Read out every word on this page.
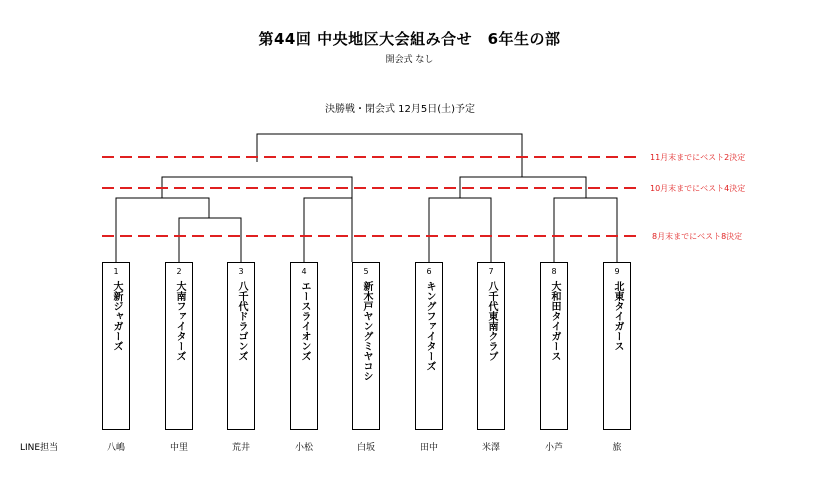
第44回 中央地区大会組み合せ　6年生の部
開会式 なし
決勝戦・閉会式 12月5日(土)予定
11月末までにベスト2決定
10月末までにベスト4決定
8月末までにベスト8決定
1
大新ジャガーズ
2
大南ファイターズ
3
八千代ドラゴンズ
4
エースライオンズ
5
新木戸ヤングミヤコシ
6
キングファイターズ
7
八千代東南クラブ
8
大和田タイガース
9
北東タイガース
LINE担当	八嶋	中里	荒井	小松	白坂	田中	米澤	小芦	旅
